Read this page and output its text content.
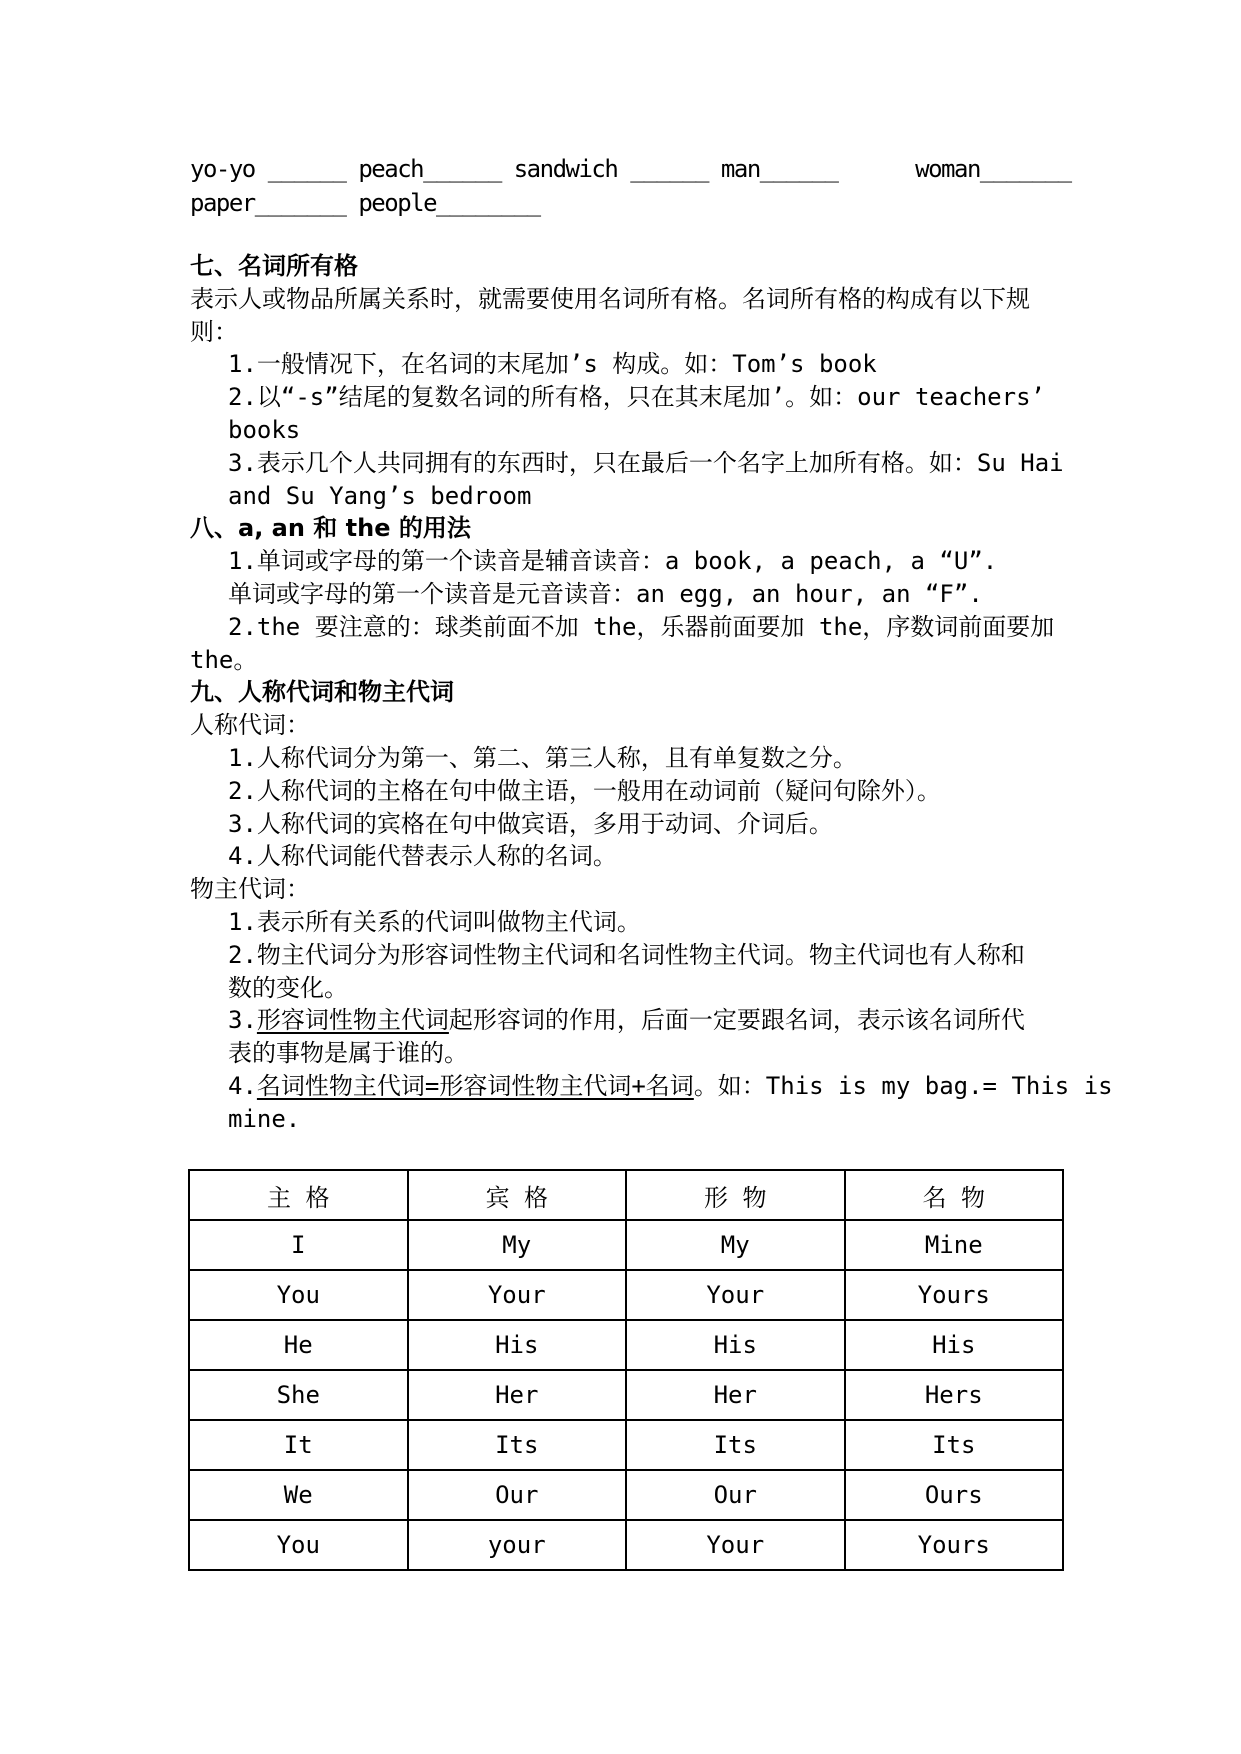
yo-yo ______ peach______ sandwich ______ man______      woman_______
paper_______ people________
七、名词所有格
表示人或物品所属关系时，就需要使用名词所有格。名词所有格的构成有以下规
则：
1.一般情况下，在名词的末尾加’s 构成。如：Tom’s book
2.以“-s”结尾的复数名词的所有格，只在其末尾加’。如：our teachers’
books
3.表示几个人共同拥有的东西时，只在最后一个名字上加所有格。如：Su Hai
and Su Yang’s bedroom
八、a, an 和 the 的用法
1.单词或字母的第一个读音是辅音读音：a book, a peach, a “U”.
单词或字母的第一个读音是元音读音：an egg, an hour, an “F”.
2.the 要注意的：球类前面不加 the，乐器前面要加 the，序数词前面要加
the。
九、人称代词和物主代词
人称代词：
1.人称代词分为第一、第二、第三人称，且有单复数之分。
2.人称代词的主格在句中做主语，一般用在动词前（疑问句除外）。
3.人称代词的宾格在句中做宾语，多用于动词、介词后。
4.人称代词能代替表示人称的名词。
物主代词：
1.表示所有关系的代词叫做物主代词。
2.物主代词分为形容词性物主代词和名词性物主代词。物主代词也有人称和
数的变化。
3.形容词性物主代词起形容词的作用，后面一定要跟名词，表示该名词所代
表的事物是属于谁的。
4.名词性物主代词=形容词性物主代词+名词。如：This is my bag.= This is
mine.
主 格	宾 格	形 物	名 物
I	My	My	Mine
You	Your	Your	Yours
He	His	His	His
She	Her	Her	Hers
It	Its	Its	Its
We	Our	Our	Ours
You	your	Your	Yours
